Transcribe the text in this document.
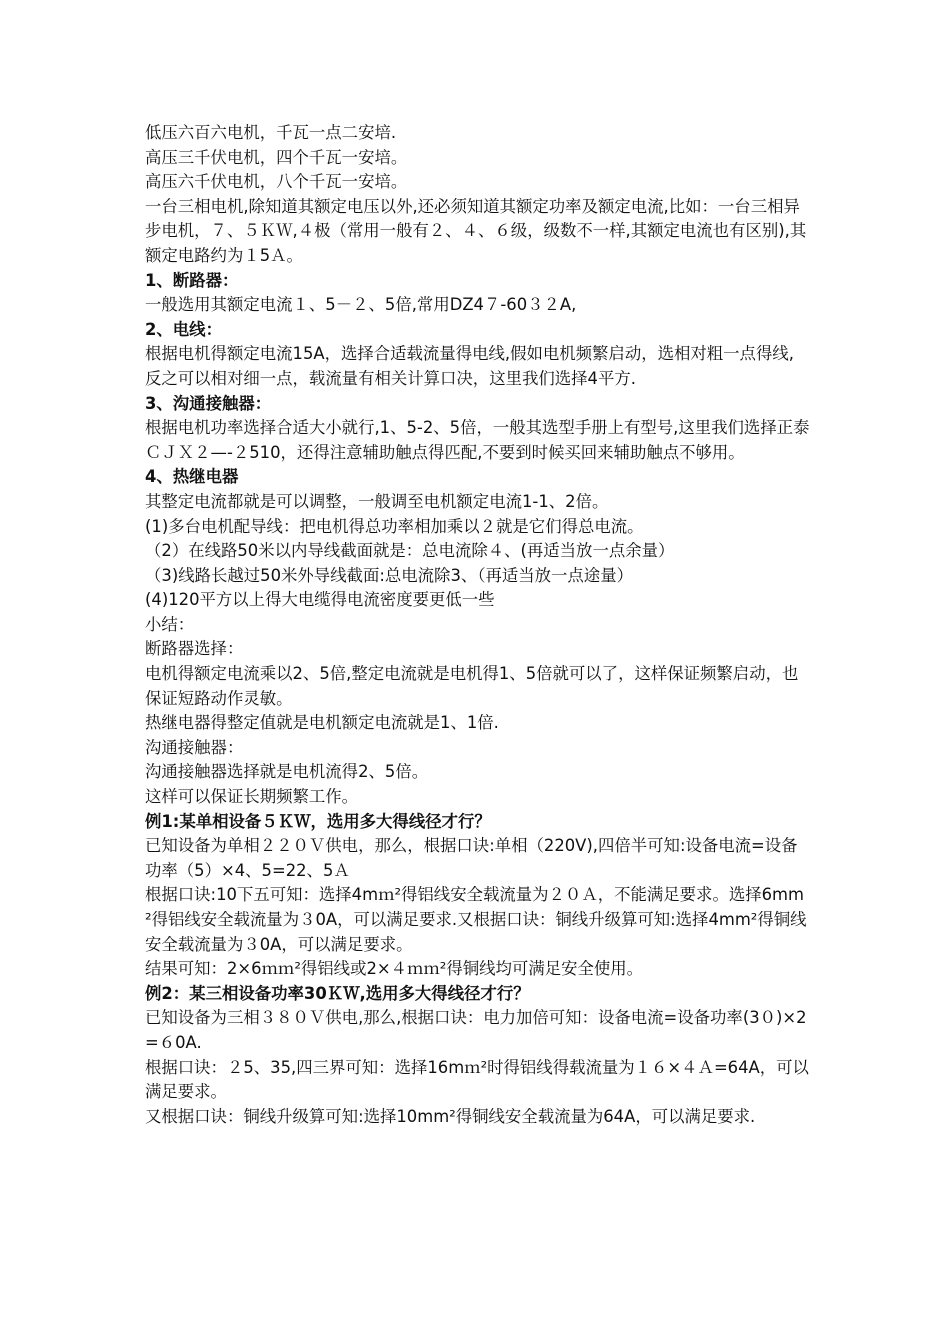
低压六百六电机，千瓦一点二安培.

高压三千伏电机，四个千瓦一安培。

高压六千伏电机，八个千瓦一安培。

一台三相电机,除知道其额定电压以外,还必须知道其额定功率及额定电流,比如：一台三相异步电机，７、５ＫＷ,４极（常用一般有２、４、６级，级数不一样,其额定电流也有区别),其额定电路约为１5Ａ。

1、断路器：

一般选用其额定电流１、5－２、5倍,常用DZ4７-60３２A,

2、电线：

根据电机得额定电流15A，选择合适载流量得电线,假如电机频繁启动，选相对粗一点得线,反之可以相对细一点，载流量有相关计算口决，这里我们选择4平方.

3、沟通接触器：

根据电机功率选择合适大小就行,1、5-2、5倍，一般其选型手册上有型号,这里我们选择正泰ＣＪＸ２—-２510，还得注意辅助触点得匹配,不要到时候买回来辅助触点不够用。

4、热继电器

其整定电流都就是可以调整，一般调至电机额定电流1-1、2倍。

(1)多台电机配导线：把电机得总功率相加乘以２就是它们得总电流。

（2）在线路50米以内导线截面就是：总电流除４、(再适当放一点余量）

（3)线路长越过50米外导线截面:总电流除3、（再适当放一点途量）

(4)120平方以上得大电缆得电流密度要更低一些

小结：

断路器选择：

电机得额定电流乘以2、5倍,整定电流就是电机得1、5倍就可以了，这样保证频繁启动，也保证短路动作灵敏。

热继电器得整定值就是电机额定电流就是1、1倍.

沟通接触器：

沟通接触器选择就是电机流得2、5倍。

这样可以保证长期频繁工作。

例1:某单相设备５ＫＷ，选用多大得线径才行？

已知设备为单相２２０Ｖ供电，那么，根据口诀:单相（220V),四倍半可知:设备电流=设备功率（5）×4、5=22、5Ａ

根据口诀:10下五可知：选择4mｍ²得铝线安全载流量为２０Ａ，不能满足要求。选择6mm²得铝线安全载流量为３0A，可以满足要求.又根据口诀：铜线升级算可知:选择4mm²得铜线安全载流量为３0A，可以满足要求。

结果可知：2×6ｍｍ²得铝线或2×４ｍｍ²得铜线均可满足安全使用。

例2：某三相设备功率30ＫＷ,选用多大得线径才行？

已知设备为三相３８０Ｖ供电,那么,根据口诀：电力加倍可知：设备电流=设备功率(3０)×2=６0A.

根据口诀：２5、35,四三界可知：选择16mｍ²时得铝线得载流量为１６×４Ａ=64A，可以满足要求。

又根据口诀：铜线升级算可知:选择10mm²得铜线安全载流量为64A，可以满足要求.
